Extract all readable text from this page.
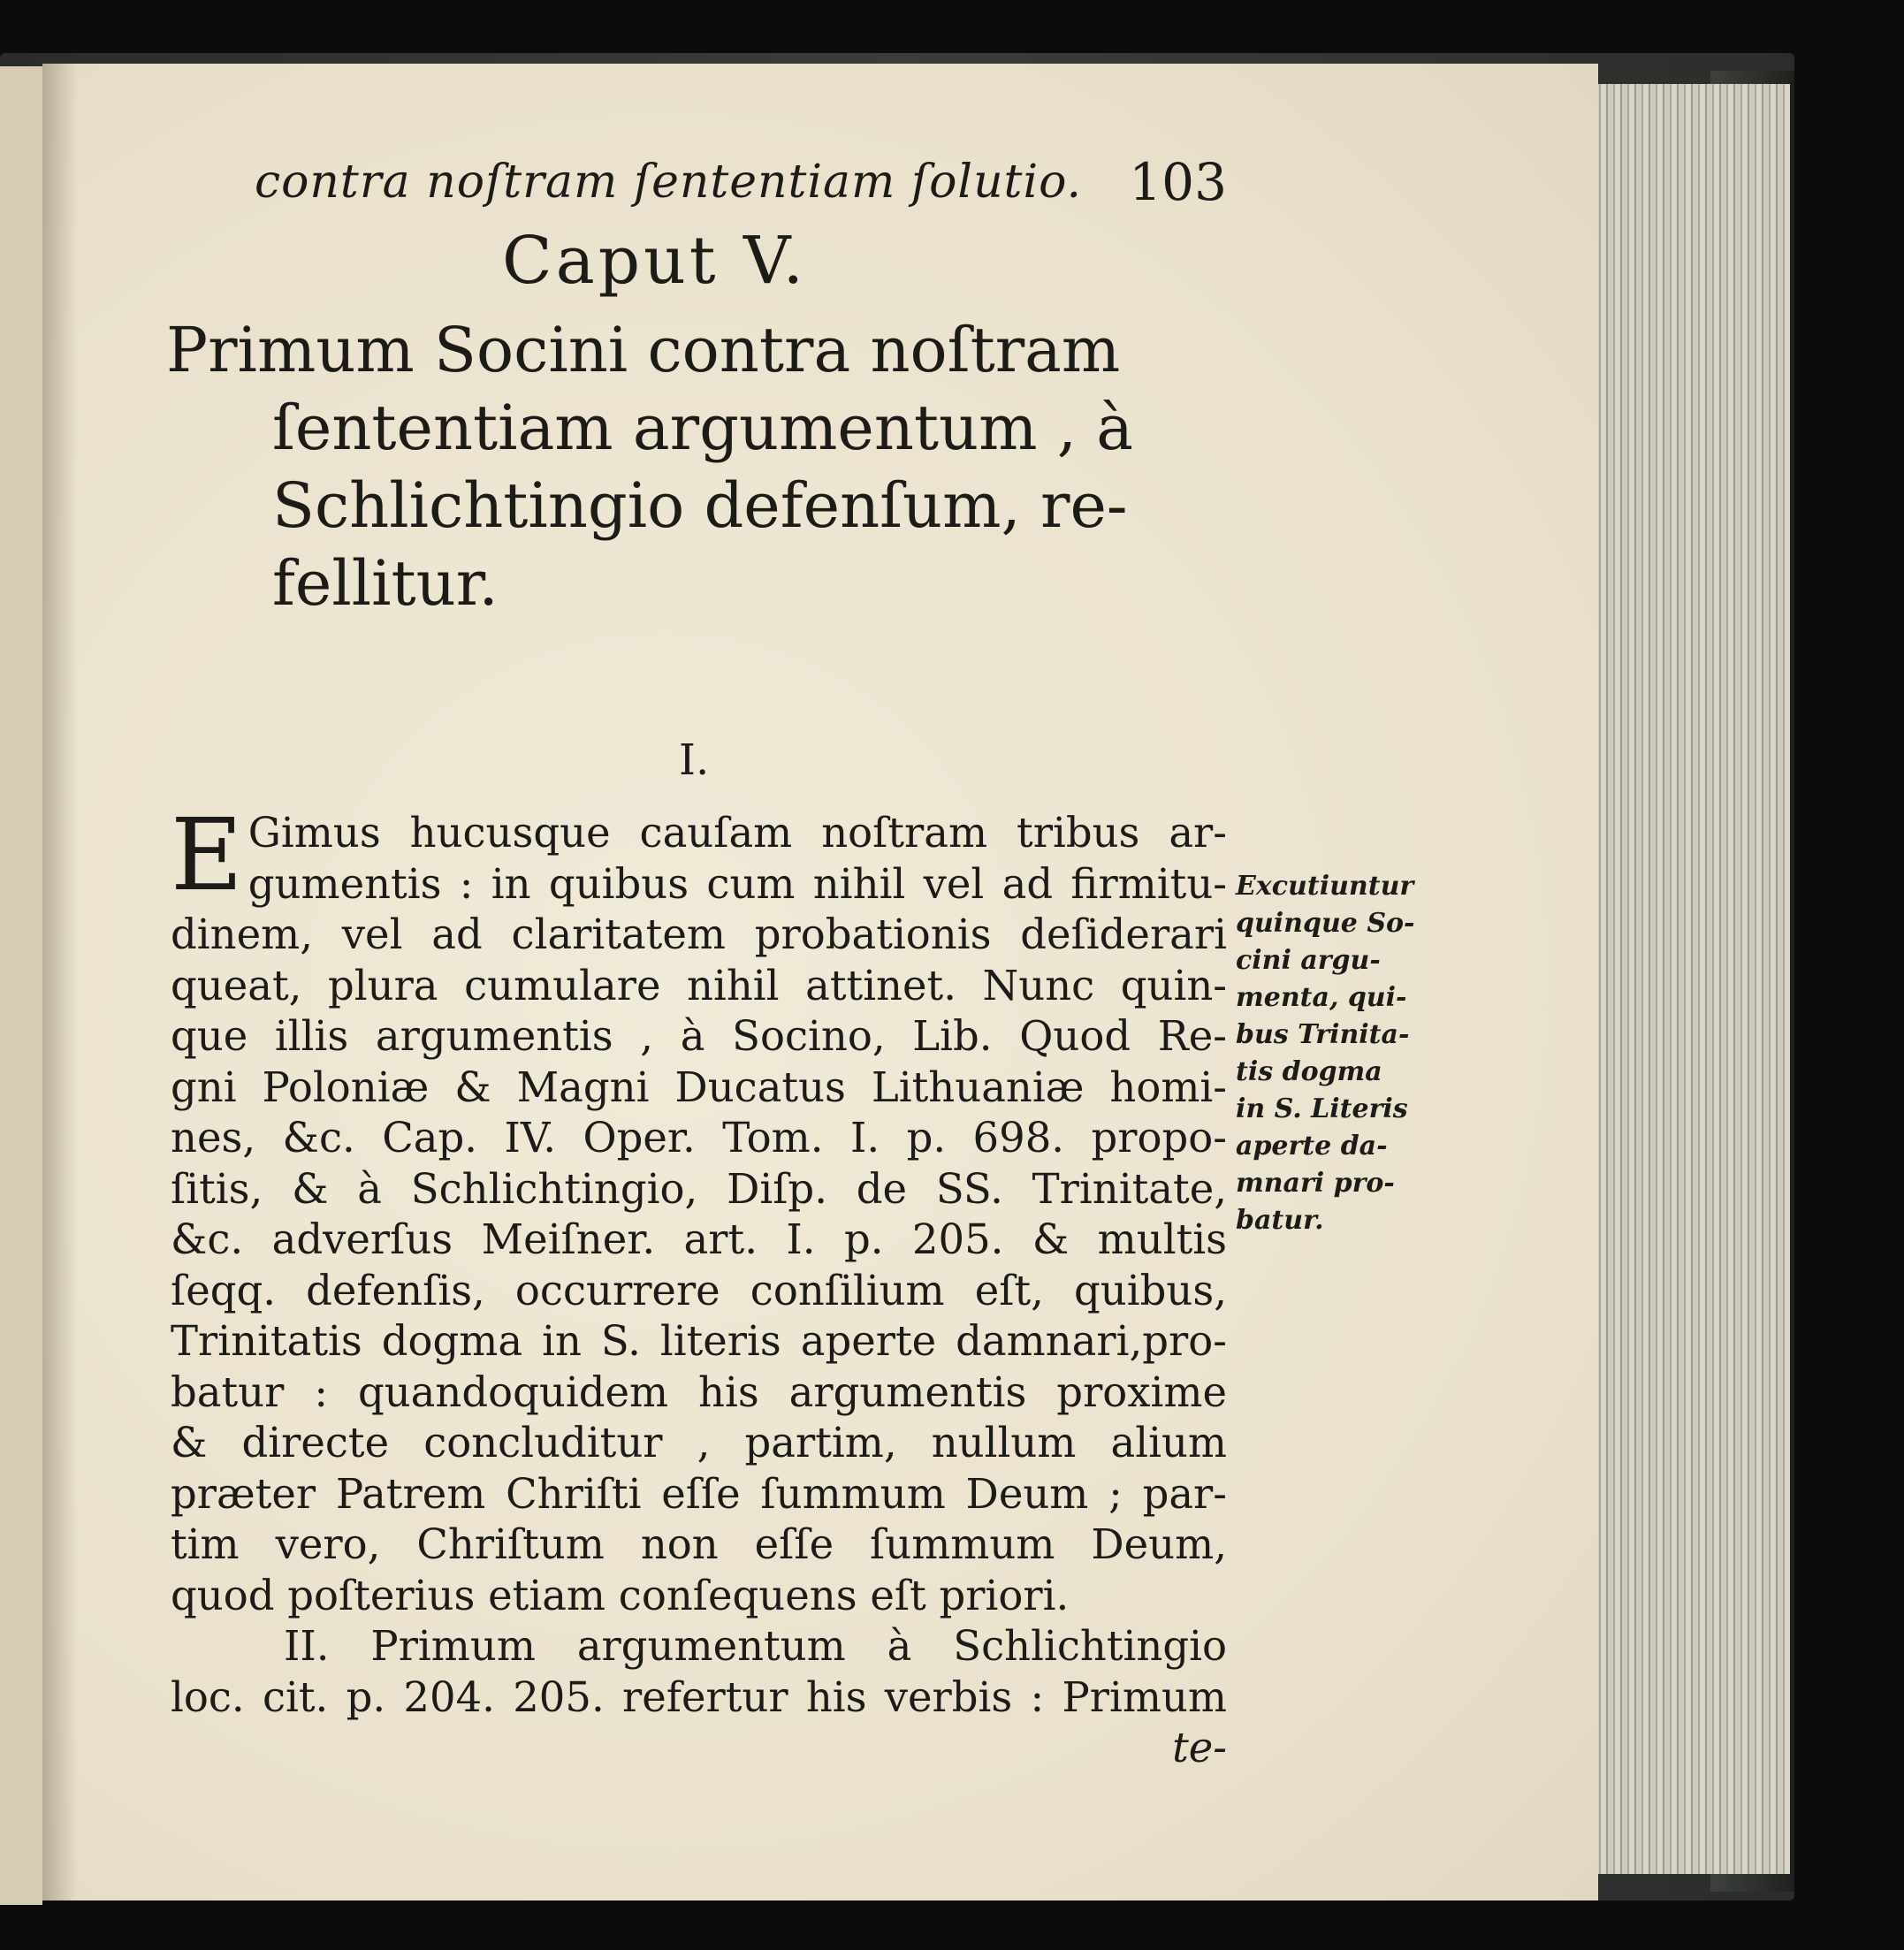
contra noſtram ſententiam ſolutio. 103
Caput V.
Primum Socini contra noſtram
ſententiam argumentum , à
Schlichtingio defenſum, re-
fellitur.
I.
E Gimus hucusque cauſam noſtram tribus ar-
gumentis : in quibus cum nihil vel ad firmitu-
dinem, vel ad claritatem probationis deſiderari
queat, plura cumulare nihil attinet. Nunc quin-
que illis argumentis , à Socino, Lib. Quod Re-
gni Poloniæ & Magni Ducatus Lithuaniæ homi-
nes, &c. Cap. IV. Oper. Tom. I. p. 698. propo-
ſitis, & à Schlichtingio, Diſp. de SS. Trinitate,
&c. adverſus Meiſner. art. I. p. 205. & multis
ſeqq. defenſis, occurrere conſilium eſt, quibus,
Trinitatis dogma in S. literis aperte damnari,pro-
batur : quandoquidem his argumentis proxime
& directe concluditur , partim, nullum alium
præter Patrem Chriſti eſſe ſummum Deum ; par-
tim vero, Chriſtum non eſſe ſummum Deum,
quod poſterius etiam conſequens eſt priori.
II. Primum argumentum à Schlichtingio
loc. cit. p. 204. 205. refertur his verbis : Primum
te-
Excutiuntur
quinque So-
cini argu-
menta, qui-
bus Trinita-
tis dogma
in S. Literis
aperte da-
mnari pro-
batur.
